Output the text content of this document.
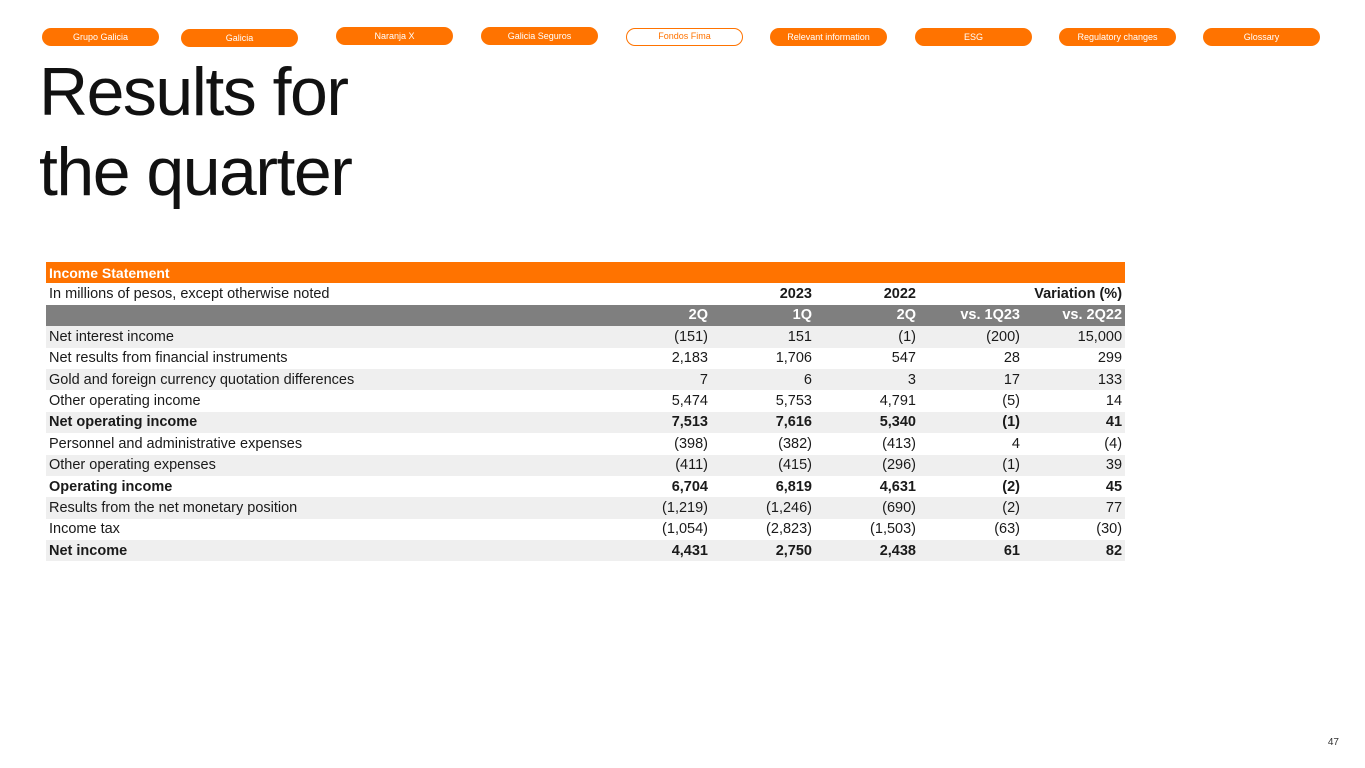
Grupo Galicia	Galicia	Naranja X	Galicia Seguros	Fondos Fima	Relevant information	ESG	Regulatory changes	Glossary
Results for
the quarter
Income Statement					
In millions of pesos, except otherwise noted		2023	2022		Variation (%)
	2Q	1Q	2Q	vs. 1Q23	vs. 2Q22
Net interest income	(151)	151	(1)	(200)	15,000
Net results from financial instruments	2,183	1,706	547	28	299
Gold and foreign currency quotation differences	7	6	3	17	133
Other operating income	5,474	5,753	4,791	(5)	14
Net operating income	7,513	7,616	5,340	(1)	41
Personnel and administrative expenses	(398)	(382)	(413)	4	(4)
Other operating expenses	(411)	(415)	(296)	(1)	39
Operating income	6,704	6,819	4,631	(2)	45
Results from the net monetary position	(1,219)	(1,246)	(690)	(2)	77
Income tax	(1,054)	(2,823)	(1,503)	(63)	(30)
Net income	4,431	2,750	2,438	61	82
47
